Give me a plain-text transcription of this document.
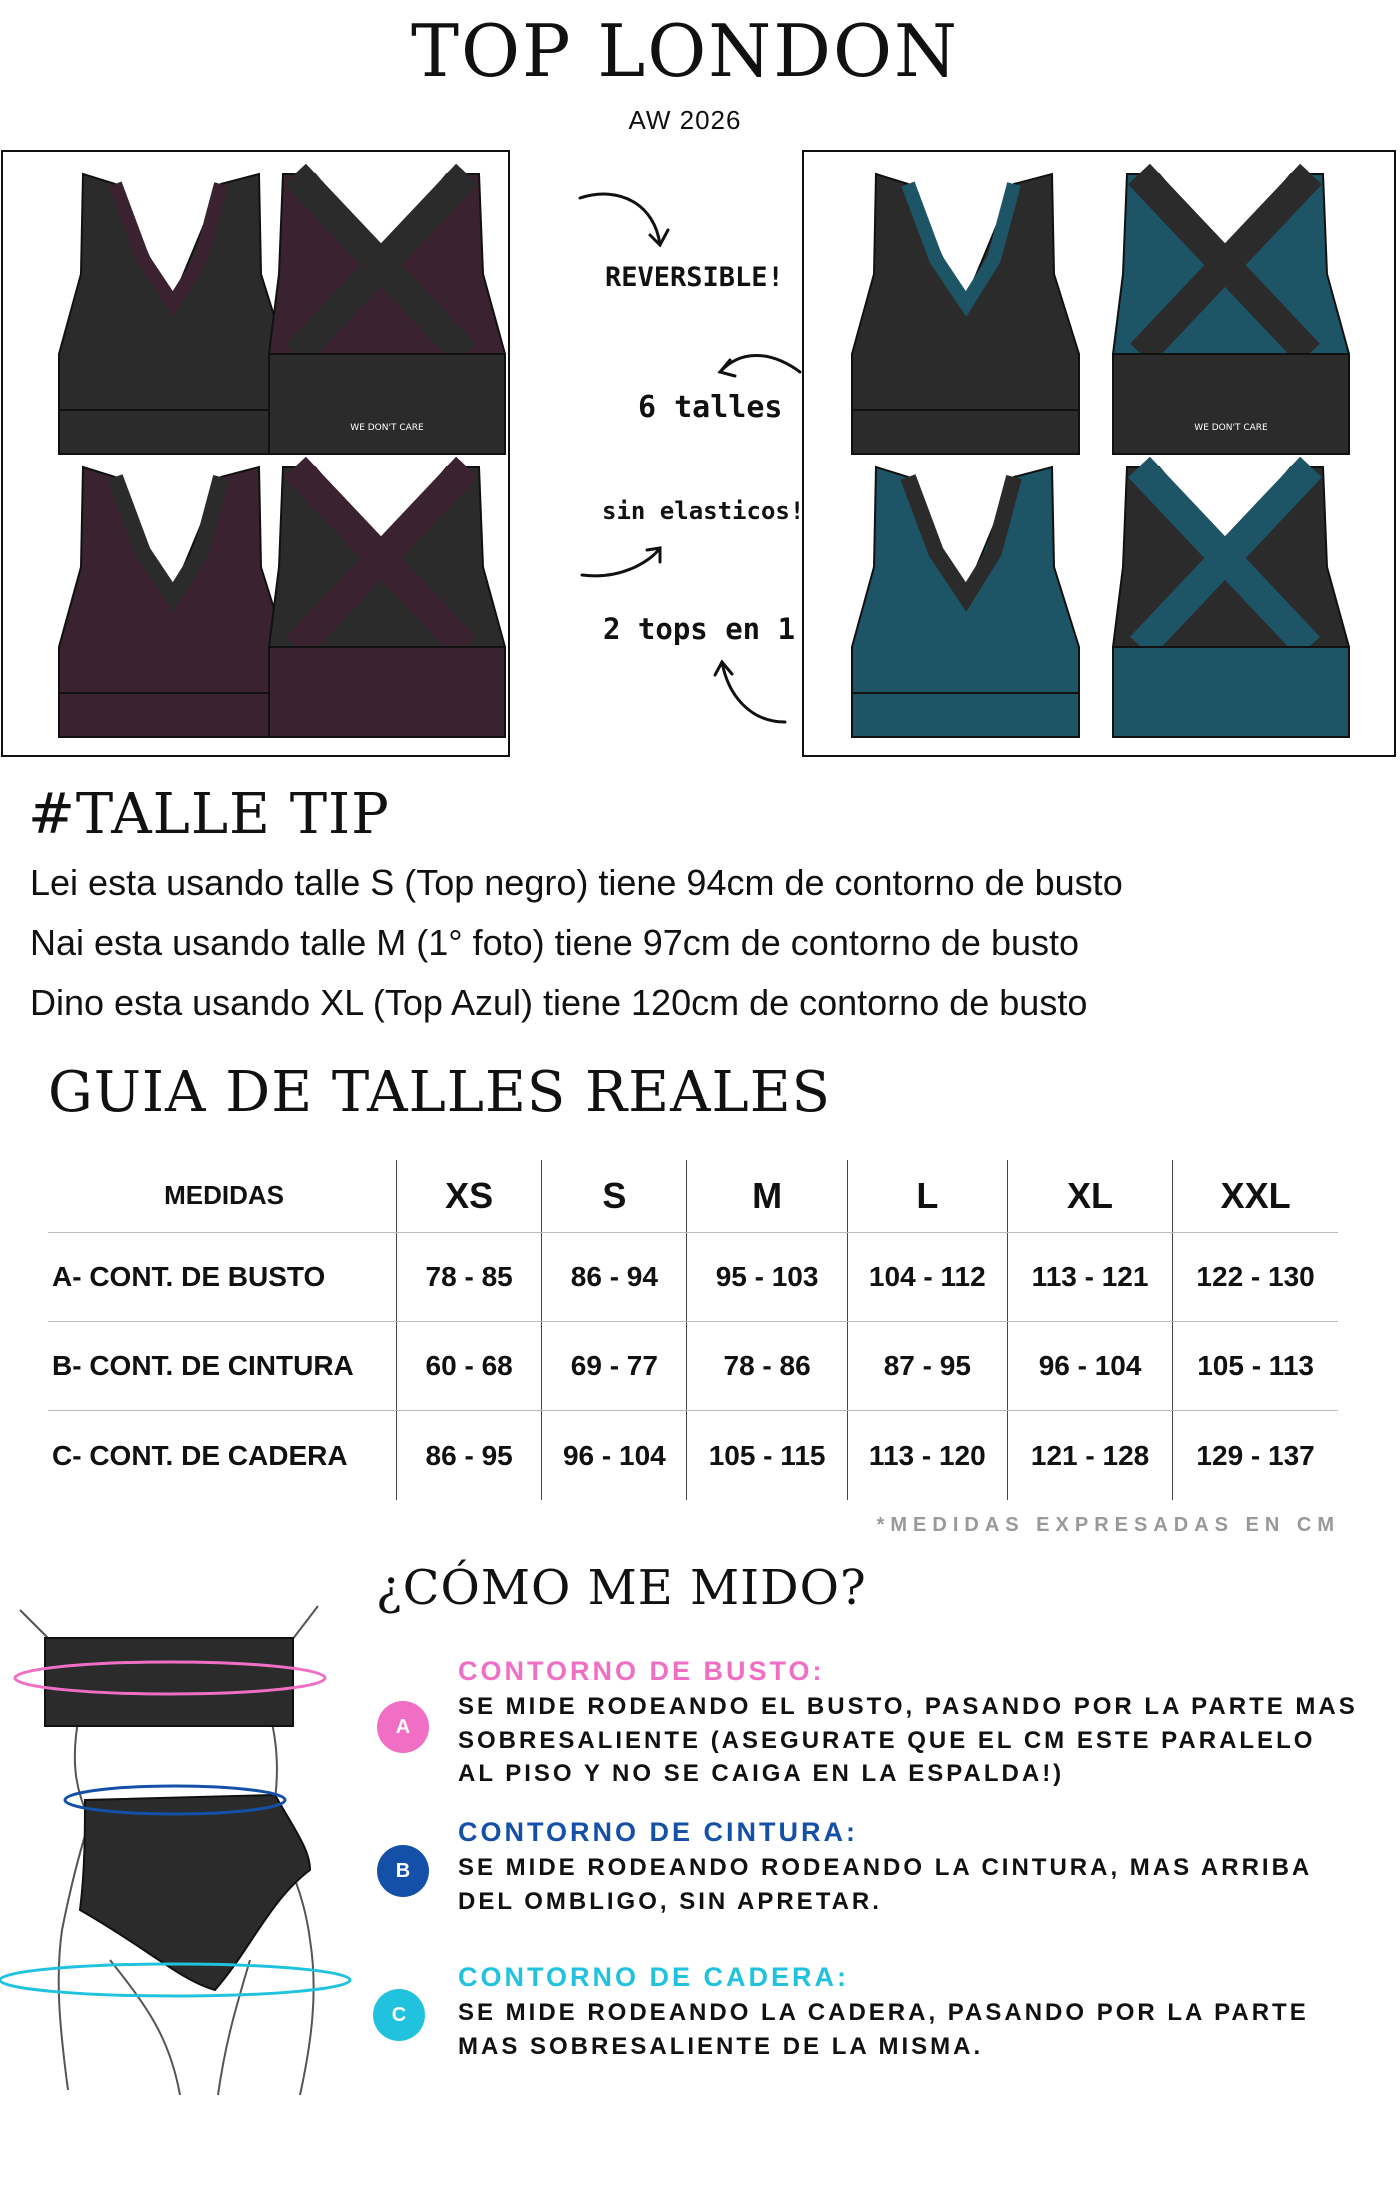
TOP LONDON
AW 2026
WE DON'T CARE	WE DON'T CARE
REVERSIBLE!
6 talles
sin elasticos!
2 tops en 1
#TALLE TIP
Lei esta usando talle S (Top negro) tiene 94cm de contorno de busto
Nai esta usando talle M (1° foto) tiene 97cm de contorno de busto
Dino esta usando XL (Top Azul) tiene 120cm de contorno de busto
GUIA DE TALLES REALES
MEDIDAS	XS	S	M	L	XL	XXL
A- CONT. DE BUSTO	78 - 85	86 - 94	95 - 103	104 - 112	113 - 121	122 - 130
B- CONT. DE CINTURA	60 - 68	69 - 77	78 - 86	87 - 95	96 - 104	105 - 113
C- CONT. DE CADERA	86 - 95	96 - 104	105 - 115	113 - 120	121 - 128	129 - 137
*MEDIDAS EXPRESADAS EN CM
¿CÓMO ME MIDO?
A
CONTORNO DE BUSTO:
SE MIDE RODEANDO EL BUSTO, PASANDO POR LA PARTE MAS SOBRESALIENTE (ASEGURATE QUE EL CM ESTE PARALELO AL PISO Y NO SE CAIGA EN LA ESPALDA!)
B
CONTORNO DE CINTURA:
SE MIDE RODEANDO RODEANDO LA CINTURA, MAS ARRIBA DEL OMBLIGO, SIN APRETAR.
C
CONTORNO DE CADERA:
SE MIDE RODEANDO LA CADERA, PASANDO POR LA PARTE MAS SOBRESALIENTE DE LA MISMA.
